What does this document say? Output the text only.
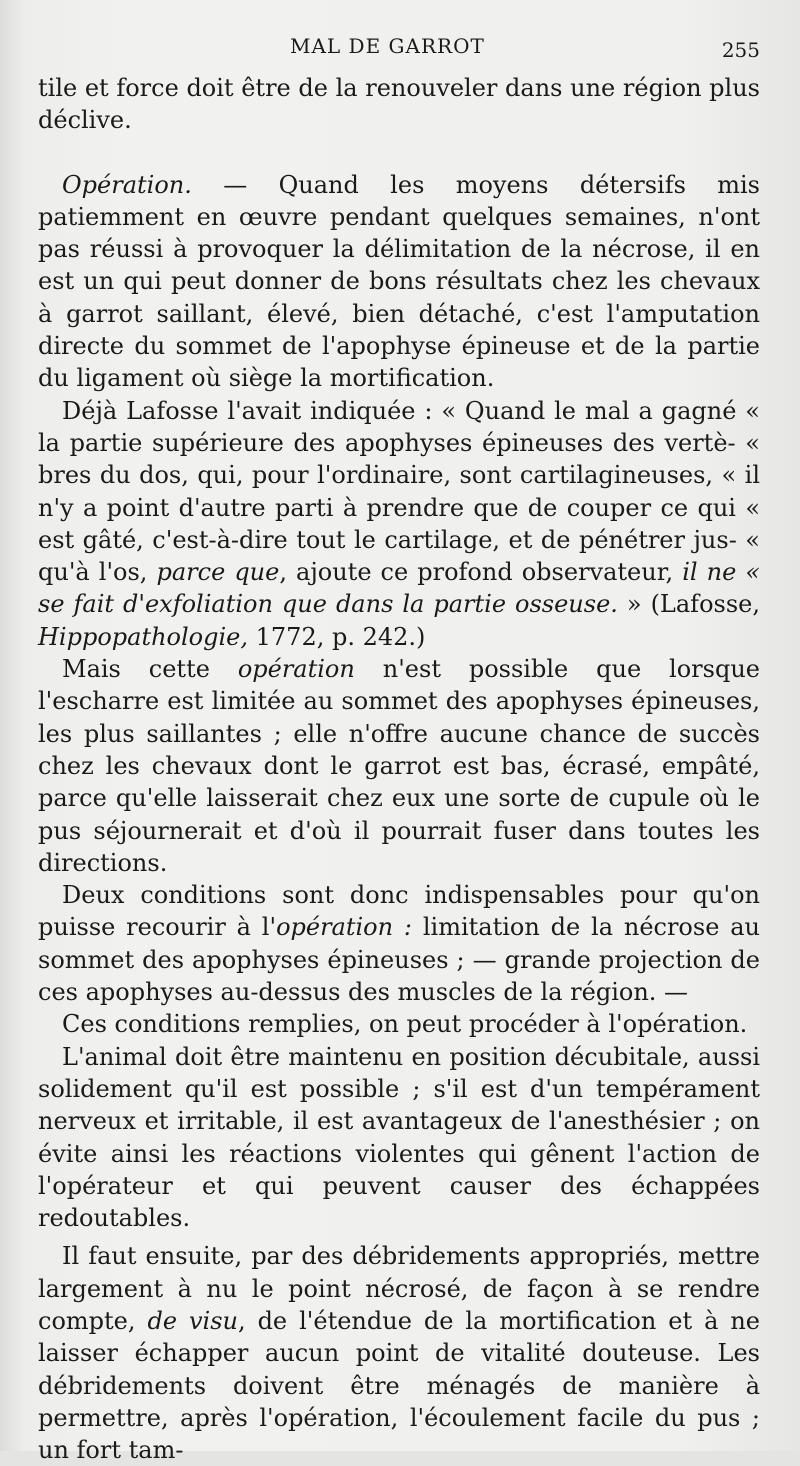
MAL DE GARROT	255

tile et force doit être de la renouveler dans une région plus déclive.

Opération. — Quand les moyens détersifs mis patiemment en œuvre pendant quelques semaines, n'ont pas réussi à provoquer la délimitation de la nécrose, il en est un qui peut donner de bons résultats chez les chevaux à garrot saillant, élevé, bien détaché, c'est l'amputation directe du sommet de l'apophyse épineuse et de la partie du ligament où siège la mortification.

Déjà Lafosse l'avait indiquée : « Quand le mal a gagné « la partie supérieure des apophyses épineuses des vertè- « bres du dos, qui, pour l'ordinaire, sont cartilagineuses, « il n'y a point d'autre parti à prendre que de couper ce qui « est gâté, c'est-à-dire tout le cartilage, et de pénétrer jus- « qu'à l'os, parce que, ajoute ce profond observateur, il ne « se fait d'exfoliation que dans la partie osseuse. » (Lafosse, Hippopathologie, 1772, p. 242.)

Mais cette opération n'est possible que lorsque l'escharre est limitée au sommet des apophyses épineuses, les plus saillantes ; elle n'offre aucune chance de succès chez les chevaux dont le garrot est bas, écrasé, empâté, parce qu'elle laisserait chez eux une sorte de cupule où le pus séjournerait et d'où il pourrait fuser dans toutes les directions.

Deux conditions sont donc indispensables pour qu'on puisse recourir à l'opération : limitation de la nécrose au sommet des apophyses épineuses ; — grande projection de ces apophyses au-dessus des muscles de la région. —

Ces conditions remplies, on peut procéder à l'opération.

L'animal doit être maintenu en position décubitale, aussi solidement qu'il est possible ; s'il est d'un tempérament nerveux et irritable, il est avantageux de l'anesthésier ; on évite ainsi les réactions violentes qui gênent l'action de l'opérateur et qui peuvent causer des échappées redoutables.

Il faut ensuite, par des débridements appropriés, mettre largement à nu le point nécrosé, de façon à se rendre compte, de visu, de l'étendue de la mortification et à ne laisser échapper aucun point de vitalité douteuse. Les débridements doivent être ménagés de manière à permettre, après l'opération, l'écoulement facile du pus ; un fort tam-
